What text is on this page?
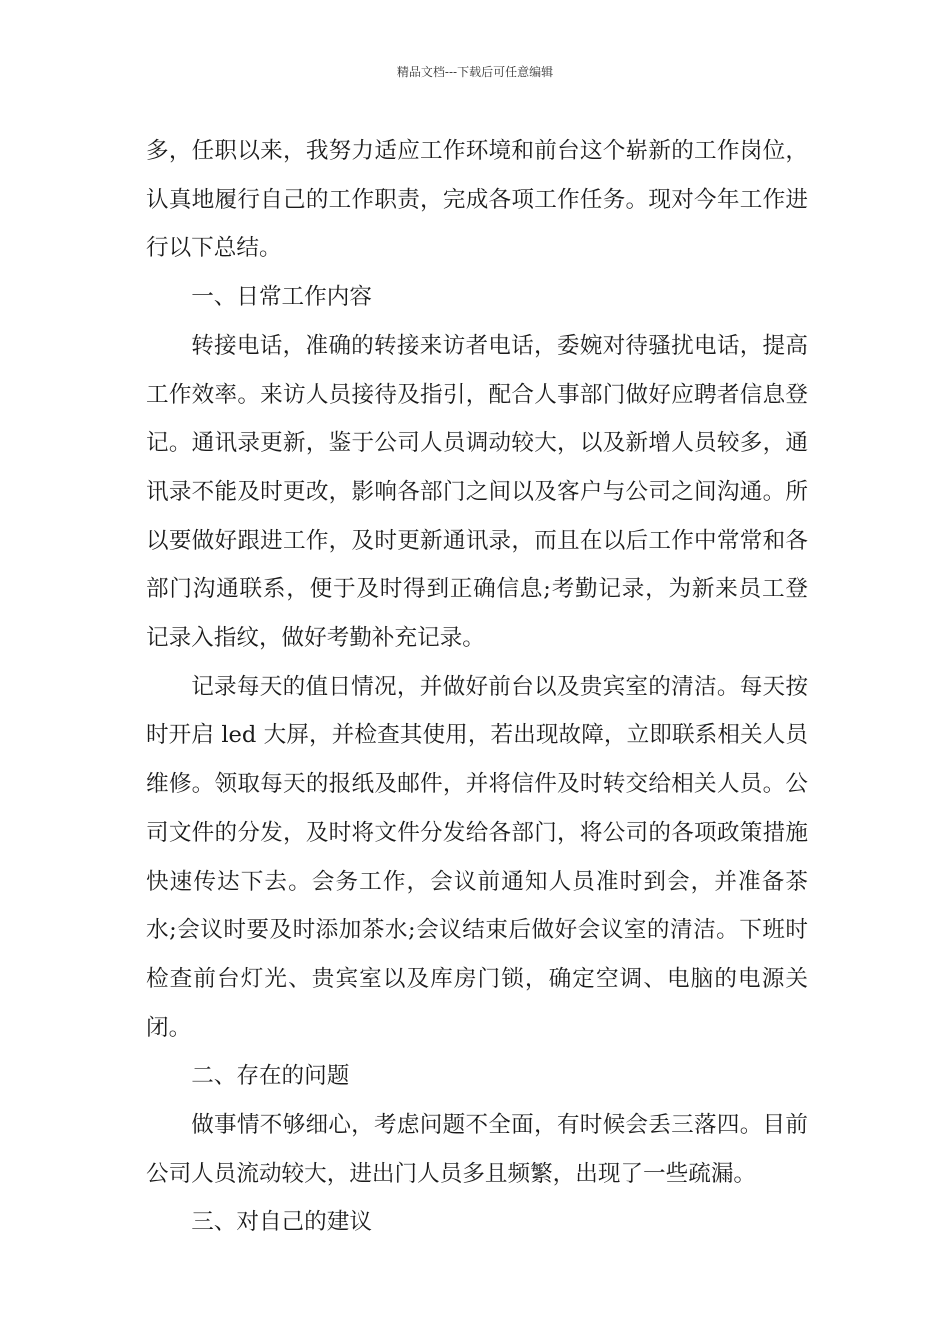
精品文档---下载后可任意编辑

多，任职以来，我努力适应工作环境和前台这个崭新的工作岗位，认真地履行自己的工作职责，完成各项工作任务。现对今年工作进行以下总结。

一、日常工作内容

转接电话，准确的转接来访者电话，委婉对待骚扰电话，提高工作效率。来访人员接待及指引，配合人事部门做好应聘者信息登记。通讯录更新，鉴于公司人员调动较大，以及新增人员较多，通讯录不能及时更改，影响各部门之间以及客户与公司之间沟通。所以要做好跟进工作，及时更新通讯录，而且在以后工作中常常和各部门沟通联系，便于及时得到正确信息;考勤记录，为新来员工登记录入指纹，做好考勤补充记录。

记录每天的值日情况，并做好前台以及贵宾室的清洁。每天按时开启 led 大屏，并检查其使用，若出现故障，立即联系相关人员维修。领取每天的报纸及邮件，并将信件及时转交给相关人员。公司文件的分发，及时将文件分发给各部门，将公司的各项政策措施快速传达下去。会务工作，会议前通知人员准时到会，并准备茶水;会议时要及时添加茶水;会议结束后做好会议室的清洁。下班时检查前台灯光、贵宾室以及库房门锁，确定空调、电脑的电源关闭。

二、存在的问题

做事情不够细心，考虑问题不全面，有时候会丢三落四。目前公司人员流动较大，进出门人员多且频繁，出现了一些疏漏。

三、对自己的建议
